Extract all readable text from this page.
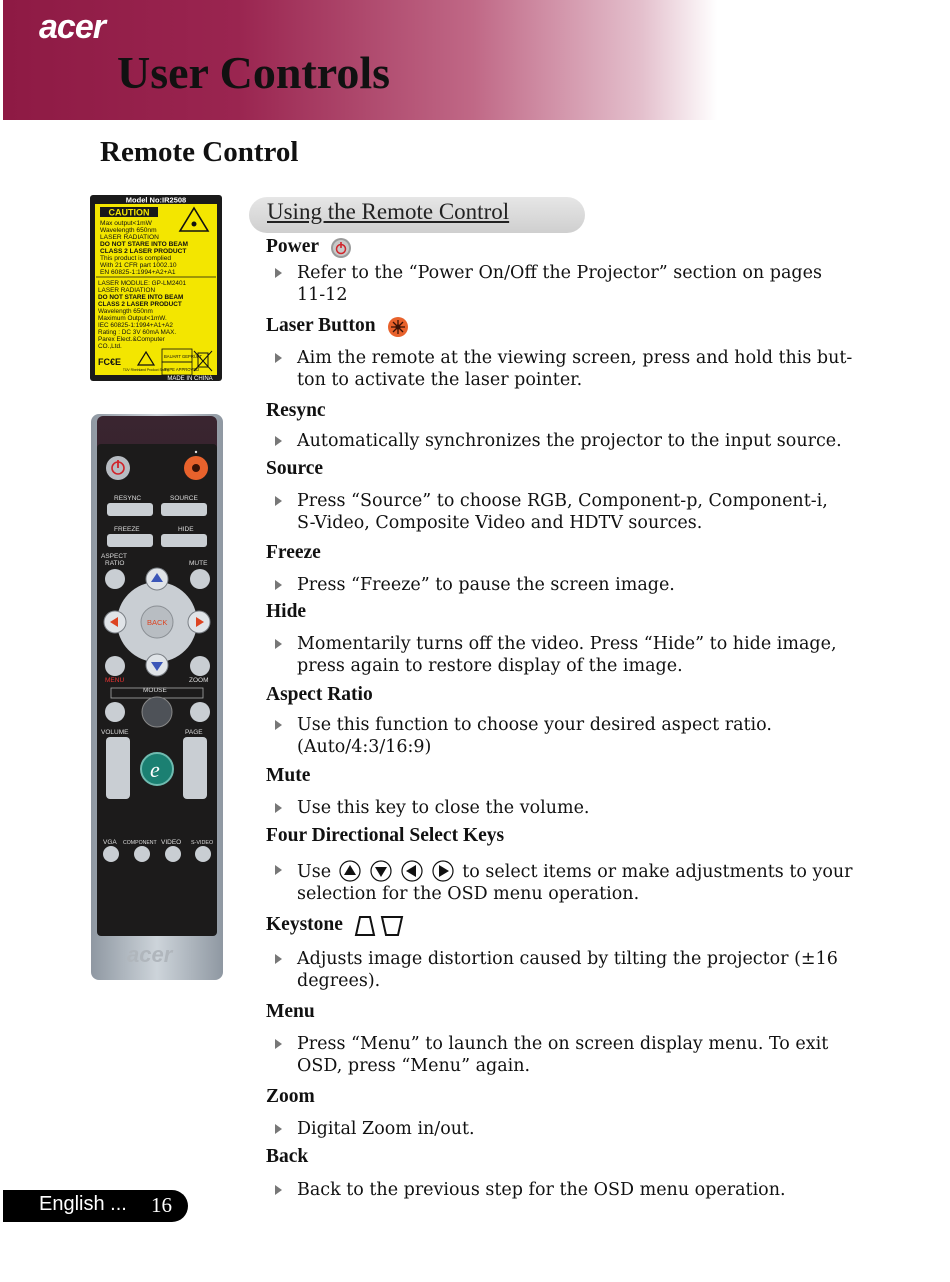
acer
User Controls
Remote Control
Model No:IR2508
CAUTION
Max output<1mW
Wavelength 650nm
LASER RADIATION
DO NOT STARE INTO BEAM
CLASS 2 LASER PRODUCT
This product is complied
With 21 CFR part 1002.10
EN 60825-1:1994+A2+A1
LASER MODULE: GP-LM2401
LASER RADIATION
DO NOT STARE INTO BEAM
CLASS 2 LASER PRODUCT
Wavelength 650nm
Maximum Output<1mW.
IEC 60825-1:1994+A1+A2
Rating : DC 3V 60mA MAX.
Parex Elect.&Computer
CO.,Ltd.
FC€E
TÜV Rheinland Product Safety
BAUART GEPRÜFT
TYPE APPROVED
MADE IN CHINA
RESYNC	SOURCE
FREEZE	HIDE
ASPECT
RATIO	MUTE
MENU	ZOOM
MOUSE
VOLUME	PAGE
VGA COMPONENT VIDEO S-VIDEO
BACK
e
acer
Using the Remote Control
Power
Refer to the “Power On/Off the Projector” section on pages
11-12
Laser Button
Aim the remote at the viewing screen, press and hold this but-
ton to activate the laser pointer.
Resync
Automatically synchronizes the projector to the input source.
Source
Press “Source” to choose RGB, Component-p, Component-i,
S-Video, Composite Video and HDTV sources.
Freeze
Press “Freeze” to pause the screen image.
Hide
Momentarily turns off the video. Press “Hide” to hide image,
press again to restore display of the image.
Aspect Ratio
Use this function to choose your desired aspect ratio.
(Auto/4:3/16:9)
Mute
Use this key to close the volume.
Four Directional Select Keys
Use	to select items or make adjustments to your
selection for the OSD menu operation.
Keystone
Adjusts image distortion caused by tilting the projector (±16
degrees).
Menu
Press “Menu” to launch the on screen display menu. To exit
OSD, press “Menu” again.
Zoom
Digital Zoom in/out.
Back
Back to the previous step for the OSD menu operation.
English ... 16
